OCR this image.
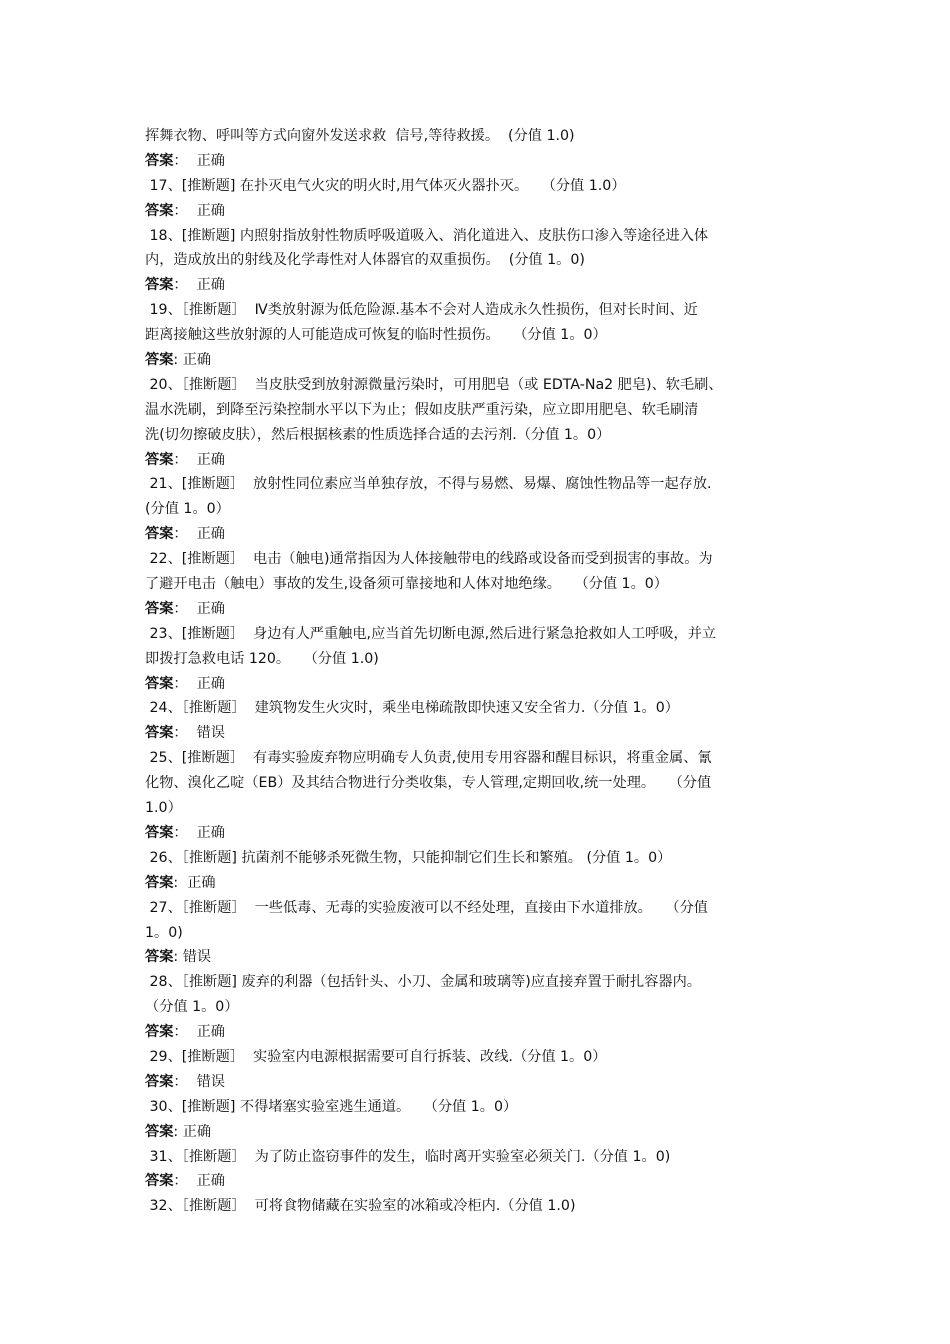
挥舞衣物、呼叫等方式向窗外发送求救  信号,等待救援。  (分值 1.0)
答案：  正确
17、[推断题] 在扑灭电气火灾的明火时,用气体灭火器扑灭。   （分值 1.0）
答案：  正确
18、[推断题] 内照射指放射性物质呼吸道吸入、消化道进入、皮肤伤口渗入等途径进入体
内，造成放出的射线及化学毒性对人体器官的双重损伤。  (分值 1。0)
答案：  正确
19、［推断题］  Ⅳ类放射源为低危险源.基本不会对人造成永久性损伤，但对长时间、近
距离接触这些放射源的人可能造成可恢复的临时性损伤。   （分值 1。0）
答案: 正确
20、［推断题］  当皮肤受到放射源微量污染时，可用肥皂（或 EDTA-Na2 肥皂)、软毛刷、
温水洗刷，到降至污染控制水平以下为止；假如皮肤严重污染，应立即用肥皂、软毛刷清
洗(切勿擦破皮肤），然后根据核素的性质选择合适的去污剂.（分值 1。0）
答案：  正确
21、[推断题］  放射性同位素应当单独存放，不得与易燃、易爆、腐蚀性物品等一起存放.
(分值 1。0）
答案：  正确
22、[推断题］  电击（触电)通常指因为人体接触带电的线路或设备而受到损害的事故。为
了避开电击（触电）事故的发生,设备须可靠接地和人体对地绝缘。   （分值 1。0）
答案：  正确
23、[推断题］  身边有人严重触电,应当首先切断电源,然后进行紧急抢救如人工呼吸，并立
即拨打急救电话 120。   （分值 1.0)
答案：  正确
24、［推断题］  建筑物发生火灾时，乘坐电梯疏散即快速又安全省力.（分值 1。0）
答案：  错误
25、[推断题］  有毒实验废弃物应明确专人负责,使用专用容器和醒目标识，将重金属、氰
化物、溴化乙啶（EB）及其结合物进行分类收集，专人管理,定期回收,统一处理。   （分值
1.0）
答案：  正确
26、［推断题] 抗菌剂不能够杀死微生物，只能抑制它们生长和繁殖。 (分值 1。0）
答案:  正确
27、［推断题］  一些低毒、无毒的实验废液可以不经处理，直接由下水道排放。   （分值
1。0)
答案: 错误
28、［推断题] 废弃的利器（包括针头、小刀、金属和玻璃等)应直接弃置于耐扎容器内。
（分值 1。0）
答案：  正确
29、[推断题］  实验室内电源根据需要可自行拆装、改线.（分值 1。0）
答案：  错误
30、[推断题] 不得堵塞实验室逃生通道。   （分值 1。0）
答案: 正确
31、［推断题］  为了防止盗窃事件的发生，临时离开实验室必须关门.（分值 1。0)
答案：  正确
32、［推断题］  可将食物储藏在实验室的冰箱或冷柜内.（分值 1.0)
